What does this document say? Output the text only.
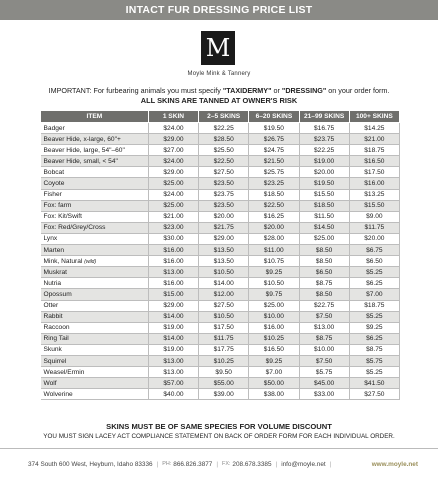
INTACT FUR DRESSING PRICE LIST
M
Moyle Mink & Tannery
IMPORTANT: For furbearing animals you must specify "TAXIDERMY" or "DRESSING" on your order form.
ALL SKINS ARE TANNED AT OWNER'S RISK
ITEM	1 SKIN	2–5 SKINS	6–20 SKINS	21–99 SKINS	100+ SKINS
Badger	$24.00	$22.25	$19.50	$16.75	$14.25
Beaver Hide, x-large, 60"+	$29.00	$28.50	$26.75	$23.75	$21.00
Beaver Hide, large, 54"–60"	$27.00	$25.50	$24.75	$22.25	$18.75
Beaver Hide, small, < 54"	$24.00	$22.50	$21.50	$19.00	$16.50
Bobcat	$29.00	$27.50	$25.75	$20.00	$17.50
Coyote	$25.00	$23.50	$23.25	$19.50	$16.00
Fisher	$24.00	$23.75	$18.50	$15.50	$13.25
Fox: farm	$25.00	$23.50	$22.50	$18.50	$15.50
Fox: Kit/Swift	$21.00	$20.00	$16.25	$11.50	$9.00
Fox: Red/Grey/Cross	$23.00	$21.75	$20.00	$14.50	$11.75
Lynx	$30.00	$29.00	$28.00	$25.00	$20.00
Marten	$16.00	$13.50	$11.00	$8.50	$6.75
Mink, Natural (wild)	$16.00	$13.50	$10.75	$8.50	$6.50
Muskrat	$13.00	$10.50	$9.25	$6.50	$5.25
Nutria	$16.00	$14.00	$10.50	$8.75	$6.25
Opossum	$15.00	$12.00	$9.75	$8.50	$7.00
Otter	$29.00	$27.50	$25.00	$22.75	$18.75
Rabbit	$14.00	$10.50	$10.00	$7.50	$5.25
Raccoon	$19.00	$17.50	$16.00	$13.00	$9.25
Ring Tail	$14.00	$11.75	$10.25	$8.75	$6.25
Skunk	$19.00	$17.75	$16.50	$10.00	$8.75
Squirrel	$13.00	$10.25	$9.25	$7.50	$5.75
Weasel/Ermin	$13.00	$9.50	$7.00	$5.75	$5.25
Wolf	$57.00	$55.00	$50.00	$45.00	$41.50
Wolverine	$40.00	$39.00	$38.00	$33.00	$27.50
SKINS MUST BE OF SAME SPECIES FOR VOLUME DISCOUNT
YOU MUST SIGN LACEY ACT COMPLIANCE STATEMENT ON BACK OF ORDER FORM FOR EACH INDIVIDUAL ORDER.
374 South 600 West, Heyburn, Idaho 83336 | PH: 866.826.3877 | FX: 208.678.3385 | info@moyle.net |	www.moyle.net
